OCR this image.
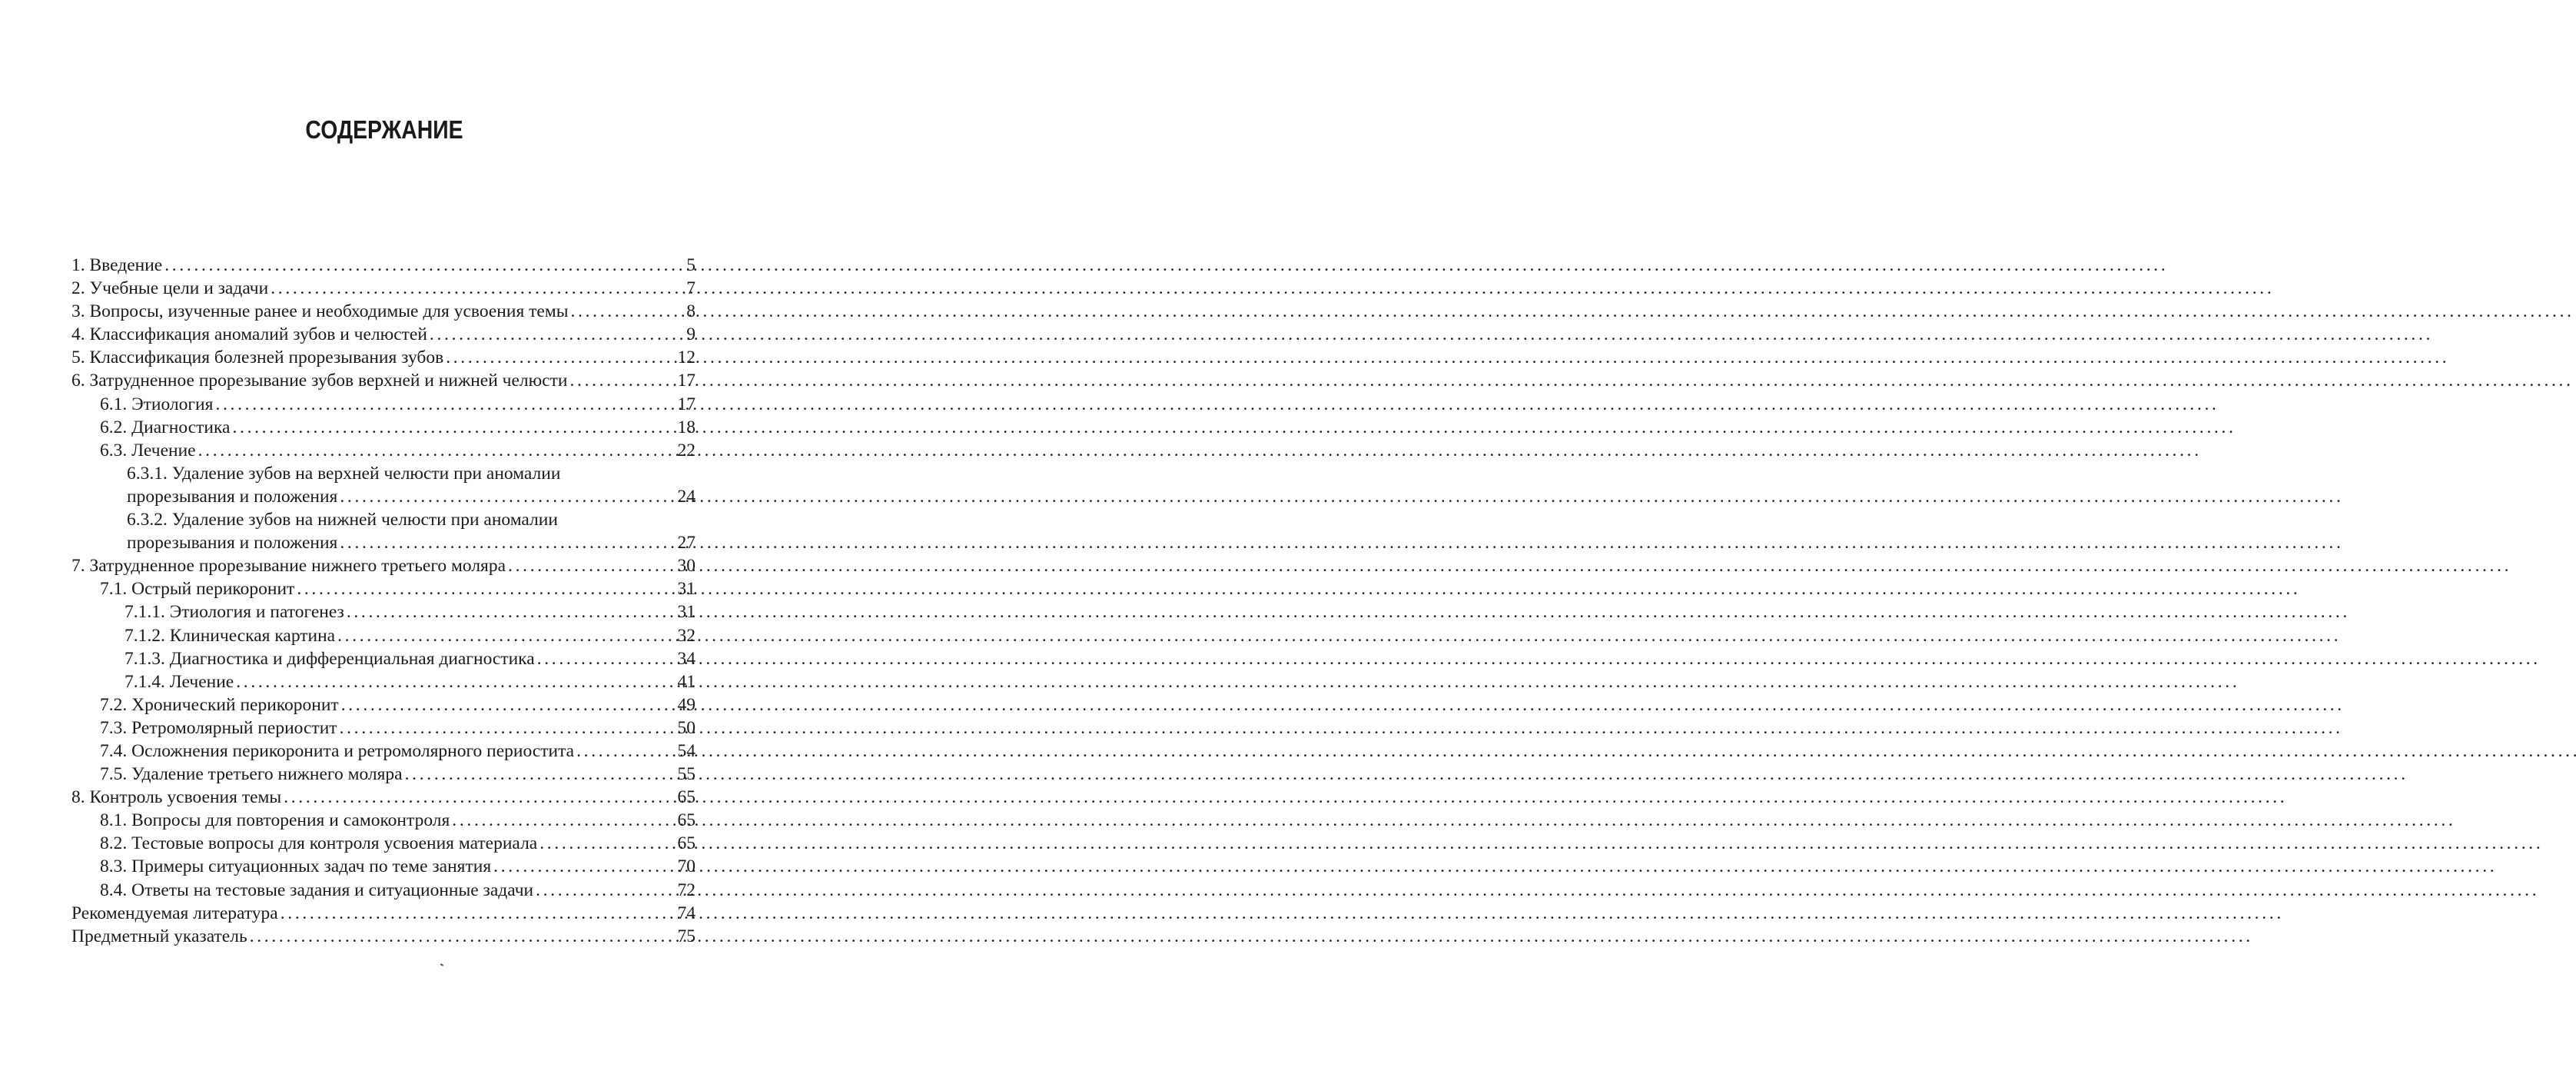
СОДЕРЖАНИЕ
1. Введение . . .	5
2. Учебные цели и задачи . . .	7
3. Вопросы, изученные ранее и необходимые для усвоения темы . . .	8
4. Классификация аномалий зубов и челюстей . . .	9
5. Классификация болезней прорезывания зубов . . .	12
6. Затрудненное прорезывание зубов верхней и нижней челюсти . . .	17
6.1. Этиология . . .	17
6.2. Диагностика . . .	18
6.3. Лечение . . .	22
6.3.1. Удаление зубов на верхней челюсти при аномалии
прорезывания и положения . . .	24
6.3.2. Удаление зубов на нижней челюсти при аномалии
прорезывания и положения . . .	27
7. Затрудненное прорезывание нижнего третьего моляра . . .	30
7.1. Острый перикоронит . . .	31
7.1.1. Этиология и патогенез . . .	31
7.1.2. Клиническая картина . . .	32
7.1.3. Диагностика и дифференциальная диагностика . . .	34
7.1.4. Лечение . . .	41
7.2. Хронический перикоронит . . .	49
7.3. Ретромолярный периостит . . .	50
7.4. Осложнения перикоронита и ретромолярного периостита . . .	54
7.5. Удаление третьего нижнего моляра . . .	55
8. Контроль усвоения темы . . .	65
8.1. Вопросы для повторения и самоконтроля . . .	65
8.2. Тестовые вопросы для контроля усвоения материала . . .	65
8.3. Примеры ситуационных задач по теме занятия . . .	70
8.4. Ответы на тестовые задания и ситуационные задачи . . .	72
Рекомендуемая литература . . .	74
Предметный указатель . . .	75
